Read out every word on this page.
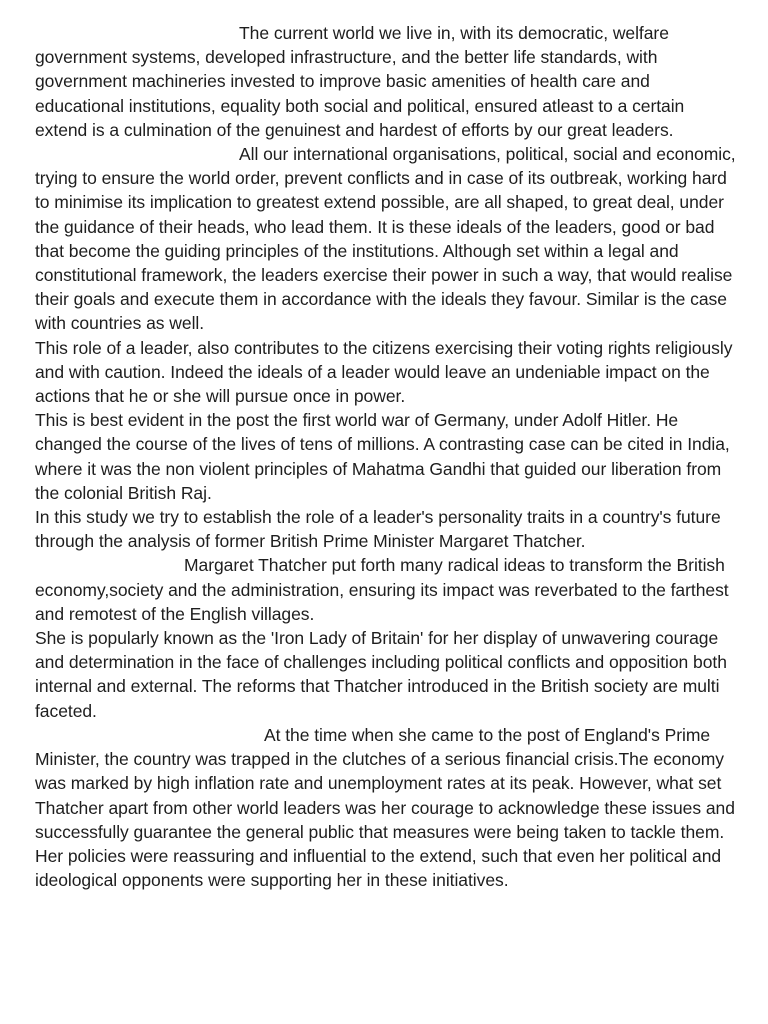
The current world we live in, with its democratic, welfare government systems, developed infrastructure, and the better life standards, with government machineries invested to improve basic amenities of health care and educational institutions, equality both social and political, ensured atleast to a certain extend is a culmination of the genuinest and hardest of efforts by our great leaders.

All our international organisations, political, social and economic, trying to ensure the world order, prevent conflicts and in case of its outbreak, working hard to minimise its implication to greatest extend possible, are all shaped, to great deal, under the guidance of their heads, who lead them. It is these ideals of the leaders, good or bad that become the guiding principles of the institutions. Although set within a legal and constitutional framework, the leaders exercise their power in such a way, that would realise their goals and execute them in accordance with the ideals they favour. Similar is the case with countries as well.

This role of a leader, also contributes to the citizens exercising their voting rights religiously and with caution. Indeed the ideals of a leader would leave an undeniable impact on the actions that he or she will pursue once in power.

This is best evident in the post the first world war of Germany, under Adolf Hitler. He changed the course of the lives of tens of millions. A contrasting case can be cited in India, where it was the non violent principles of Mahatma Gandhi that guided our liberation from the colonial British Raj.

In this study we try to establish the role of a leader's personality traits in a country's future through the analysis of former British Prime Minister Margaret Thatcher.

Margaret Thatcher put forth many radical ideas to transform the British economy,society and the administration, ensuring its impact was reverbated to the farthest and remotest of the English villages.

She is popularly known as the 'Iron Lady of Britain' for her display of unwavering courage and determination in the face of challenges including political conflicts and opposition both internal and external. The reforms that Thatcher introduced in the British society are multi faceted.

At the time when she came to the post of England's Prime Minister, the country was trapped in the clutches of a serious financial crisis.The economy was marked by high inflation rate and unemployment rates at its peak. However, what set Thatcher apart from other world leaders was her courage to acknowledge these issues and successfully guarantee the general public that measures were being taken to tackle them.

Her policies were reassuring and influential to the extend, such that even her political and ideological opponents were supporting her in these initiatives.
